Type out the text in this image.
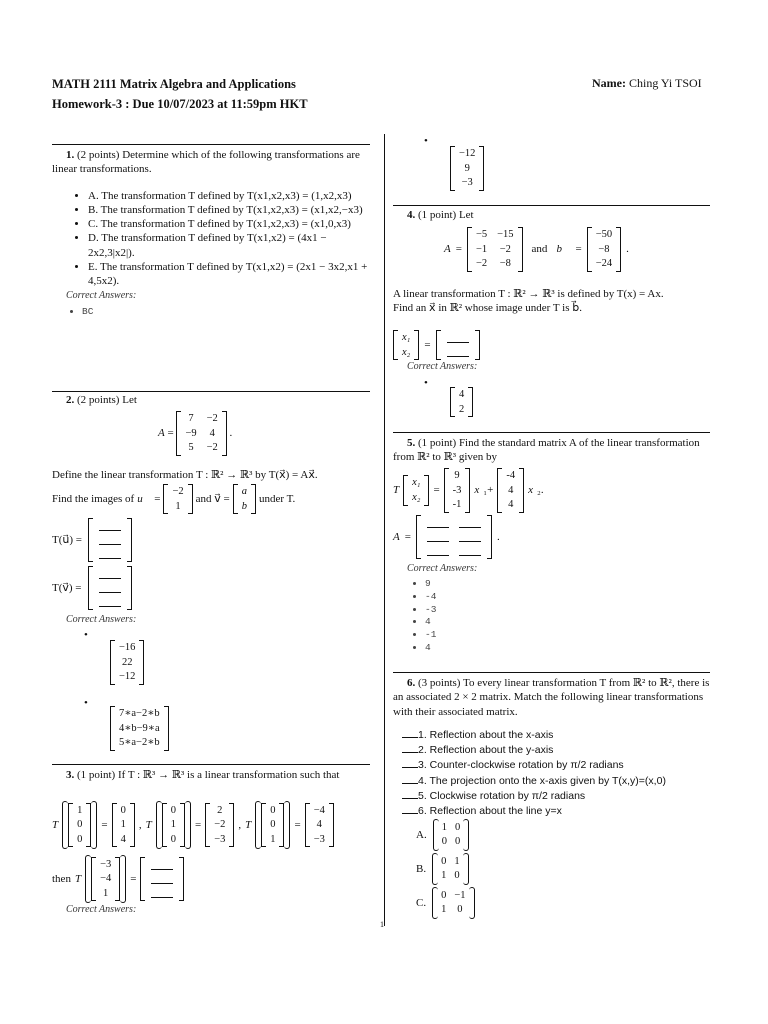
MATH 2111 Matrix Algebra and Applications
Homework-3 : Due 10/07/2023 at 11:59pm HKT
Name: Ching Yi TSOI

1. (2 points) Determine which of the following transformations are linear transformations.

• A. The transformation T defined by T(x1,x2,x3) = (1,x2,x3)
• B. The transformation T defined by T(x1,x2,x3) = (x1,x2,−x3)
• C. The transformation T defined by T(x1,x2,x3) = (x1,0,x3)
• D. The transformation T defined by T(x1,x2) = (4x1 − 2x2,3|x2|).
• E. The transformation T defined by T(x1,x2) = (2x1 − 3x2,x1 + 4,5x2).
Correct Answers:
• BC

2. (2 points) Let

A =
7 −2
−9 4
5 −2
.
Define the linear transformation T : ℝ² → ℝ³ by T(x⃗) = Ax⃗.
Find the images of u⃗ =
−2
1
and v⃗ =
a
b
under T.
T(u⃗) =
T(v⃗) =
Correct Answers:
•
−16
22
−12
•
7∗a−2∗b
4∗b−9∗a
5∗a−2∗b

3. (1 point) If T : ℝ³ → ℝ³ is a linear transformation such that

T
1
0
0
=
0
1
4
, T
0
1
0
=
2
−2
−3
, T
0
0
1
=
−4
4
−3
then T
−3
−4
1
=
Correct Answers:
•
−12
9
−3

4. (1 point) Let

A =
−5 −15
−1 −2
−2 −8
and b⃗ =
−50
−8
−24
.

A linear transformation T : ℝ² → ℝ³ is defined by T(x) = Ax.

Find an x⃗ in ℝ² whose image under T is b⃗.

x₁
x₂
=
Correct Answers:
•
4
2

5. (1 point) Find the standard matrix A of the linear transformation from ℝ² to ℝ³ given by

T
x₁
x₂
=
9
-3
-1
x ₁+
-4
4
4
x ₂.
A =	.
Correct Answers:
• 9
• -4
• -3
• 4
• -1
• 4

6. (3 points) To every linear transformation T from ℝ² to ℝ², there is an associated 2 × 2 matrix. Match the following linear transformations with their associated matrix.

1. Reflection about the x-axis
2. Reflection about the y-axis
3. Counter-clockwise rotation by π/2 radians
4. The projection onto the x-axis given by T(x,y)=(x,0)
5. Clockwise rotation by π/2 radians
6. Reflection about the line y=x
A.
1 0
0 0
B.
0 1
1 0
C.
0 −1
1 0
1
